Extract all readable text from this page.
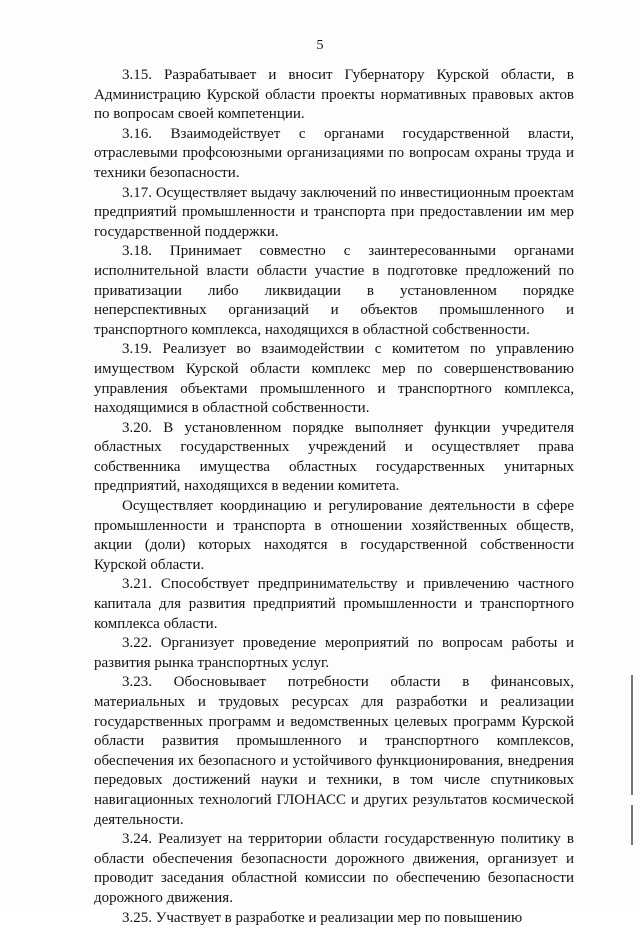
5

3.15. Разрабатывает и вносит Губернатору Курской области, в Администрацию Курской области проекты нормативных правовых актов по вопросам своей компетенции.

3.16. Взаимодействует с органами государственной власти, отраслевыми профсоюзными организациями по вопросам охраны труда и техники безопасности.

3.17. Осуществляет выдачу заключений по инвестиционным проектам предприятий промышленности и транспорта при предоставлении им мер государственной поддержки.

3.18. Принимает совместно с заинтересованными органами исполнительной власти области участие в подготовке предложений по приватизации либо ликвидации в установленном порядке неперспективных организаций и объектов промышленного и транспортного комплекса, находящихся в областной собственности.

3.19. Реализует во взаимодействии с комитетом по управлению имуществом Курской области комплекс мер по совершенствованию управления объектами промышленного и транспортного комплекса, находящимися в областной собственности.

3.20. В установленном порядке выполняет функции учредителя областных государственных учреждений и осуществляет права собственника имущества областных государственных унитарных предприятий, находящихся в ведении комитета.

Осуществляет координацию и регулирование деятельности в сфере промышленности и транспорта в отношении хозяйственных обществ, акции (доли) которых находятся в государственной собственности Курской области.

3.21. Способствует предпринимательству и привлечению частного капитала для развития предприятий промышленности и транспортного комплекса области.

3.22. Организует проведение мероприятий по вопросам работы и развития рынка транспортных услуг.

3.23. Обосновывает потребности области в финансовых, материальных и трудовых ресурсах для разработки и реализации государственных программ и ведомственных целевых программ Курской области развития промышленного и транспортного комплексов, обеспечения их безопасного и устойчивого функционирования, внедрения передовых достижений науки и техники, в том числе спутниковых навигационных технологий ГЛОНАСС и других результатов космической деятельности.

3.24. Реализует на территории области государственную политику в области обеспечения безопасности дорожного движения, организует и проводит заседания областной комиссии по обеспечению безопасности дорожного движения.

3.25. Участвует в разработке и реализации мер по повышению
